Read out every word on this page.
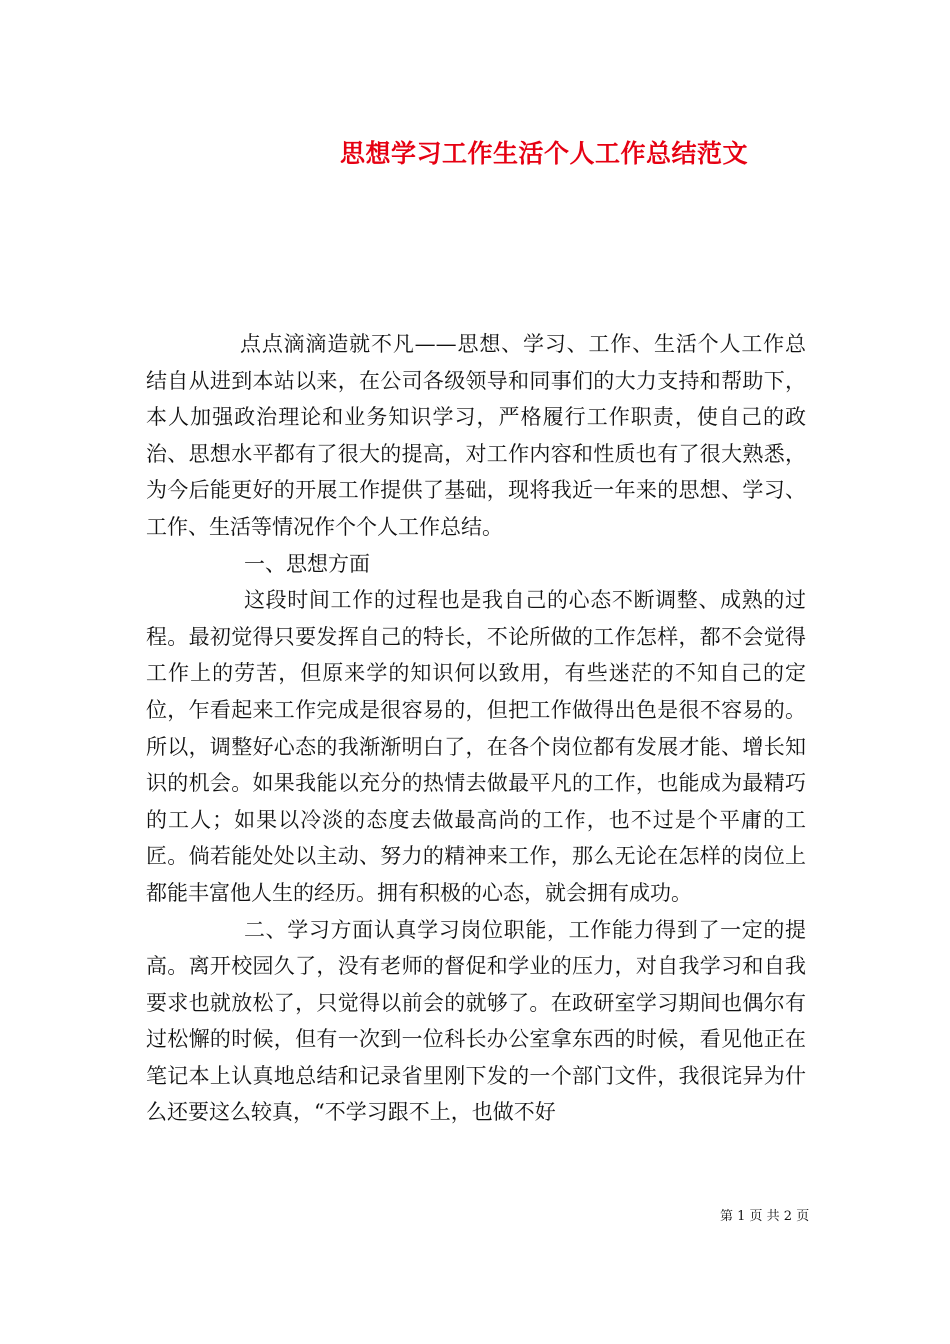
思想学习工作生活个人工作总结范文

点点滴滴造就不凡——思想、学习、工作、生活个人工作总结自从进到本站以来，在公司各级领导和同事们的大力支持和帮助下，本人加强政治理论和业务知识学习，严格履行工作职责，使自己的政治、思想水平都有了很大的提高，对工作内容和性质也有了很大熟悉，为今后能更好的开展工作提供了基础，现将我近一年来的思想、学习、工作、生活等情况作个个人工作总结。

一、思想方面

这段时间工作的过程也是我自己的心态不断调整、成熟的过程。最初觉得只要发挥自己的特长，不论所做的工作怎样，都不会觉得工作上的劳苦，但原来学的知识何以致用，有些迷茫的不知自己的定位，乍看起来工作完成是很容易的，但把工作做得出色是很不容易的。所以，调整好心态的我渐渐明白了，在各个岗位都有发展才能、增长知识的机会。如果我能以充分的热情去做最平凡的工作，也能成为最精巧的工人；如果以冷淡的态度去做最高尚的工作，也不过是个平庸的工匠。倘若能处处以主动、努力的精神来工作，那么无论在怎样的岗位上都能丰富他人生的经历。拥有积极的心态，就会拥有成功。

二、学习方面认真学习岗位职能，工作能力得到了一定的提高。离开校园久了，没有老师的督促和学业的压力，对自我学习和自我要求也就放松了，只觉得以前会的就够了。在政研室学习期间也偶尔有过松懈的时候，但有一次到一位科长办公室拿东西的时候，看见他正在笔记本上认真地总结和记录省里刚下发的一个部门文件，我很诧异为什么还要这么较真，“不学习跟不上，也做不好

第 1 页 共 2 页
